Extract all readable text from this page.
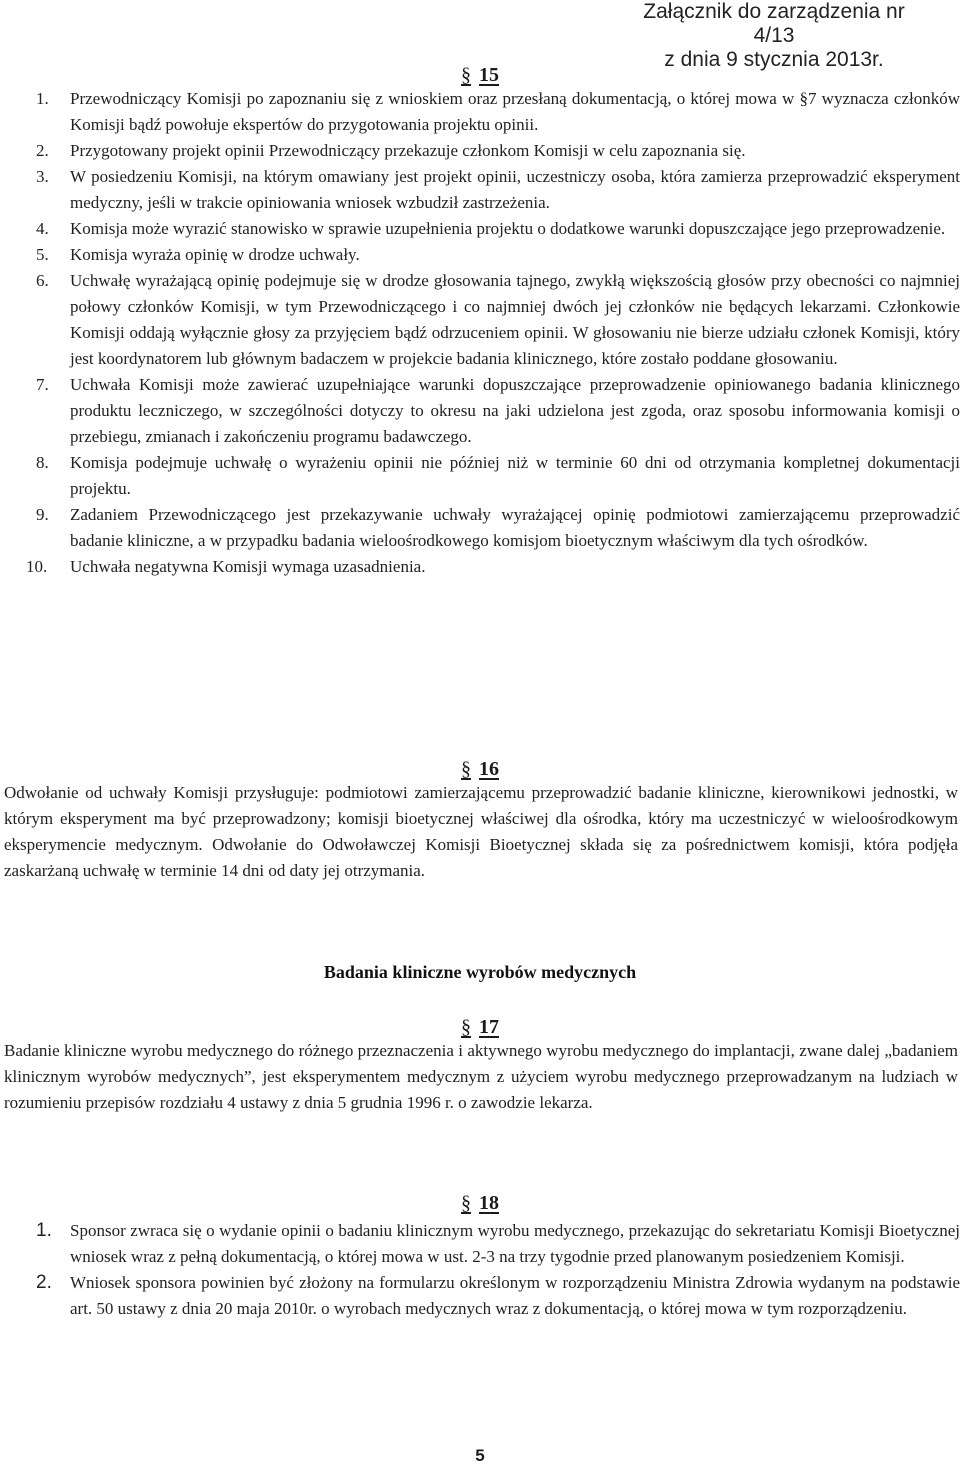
Załącznik do zarządzenia nr 4/13
z dnia 9 stycznia 2013r.
§ 15
1. Przewodniczący Komisji po zapoznaniu się z wnioskiem oraz przesłaną dokumentacją, o której mowa w §7 wyznacza członków Komisji bądź powołuje ekspertów do przygotowania projektu opinii.
2. Przygotowany projekt opinii Przewodniczący przekazuje członkom Komisji w celu zapoznania się.
3. W posiedzeniu Komisji, na którym omawiany jest projekt opinii, uczestniczy osoba, która zamierza przeprowadzić eksperyment medyczny, jeśli w trakcie opiniowania wniosek wzbudził zastrzeżenia.
4. Komisja może wyrazić stanowisko w sprawie uzupełnienia projektu o dodatkowe warunki dopuszczające jego przeprowadzenie.
5. Komisja wyraża opinię w drodze uchwały.
6. Uchwałę wyrażającą opinię podejmuje się w drodze głosowania tajnego, zwykłą większością głosów przy obecności co najmniej połowy członków Komisji, w tym Przewodniczącego i co najmniej dwóch jej członków nie będących lekarzami. Członkowie Komisji oddają wyłącznie głosy za przyjęciem bądź odrzuceniem opinii. W głosowaniu nie bierze udziału członek Komisji, który jest koordynatorem lub głównym badaczem w projekcie badania klinicznego, które zostało poddane głosowaniu.
7. Uchwała Komisji może zawierać uzupełniające warunki dopuszczające przeprowadzenie opiniowanego badania klinicznego produktu leczniczego, w szczególności dotyczy to okresu na jaki udzielona jest zgoda, oraz sposobu informowania komisji o przebiegu, zmianach i zakończeniu programu badawczego.
8. Komisja podejmuje uchwałę o wyrażeniu opinii nie później niż w terminie 60 dni od otrzymania kompletnej dokumentacji projektu.
9. Zadaniem Przewodniczącego jest przekazywanie uchwały wyrażającej opinię podmiotowi zamierzającemu przeprowadzić badanie kliniczne, a w przypadku badania wieloośrodkowego komisjom bioetycznym właściwym dla tych ośrodków.
10. Uchwała negatywna Komisji wymaga uzasadnienia.
§ 16
Odwołanie od uchwały Komisji przysługuje: podmiotowi zamierzającemu przeprowadzić badanie kliniczne, kierownikowi jednostki, w którym eksperyment ma być przeprowadzony; komisji bioetycznej właściwej dla ośrodka, który ma uczestniczyć w wieloośrodkowym eksperymencie medycznym. Odwołanie do Odwoławczej Komisji Bioetycznej składa się za pośrednictwem komisji, która podjęła zaskarżaną uchwałę w terminie 14 dni od daty jej otrzymania.
Badania kliniczne wyrobów medycznych
§ 17
Badanie kliniczne wyrobu medycznego do różnego przeznaczenia i aktywnego wyrobu medycznego do implantacji, zwane dalej „badaniem klinicznym wyrobów medycznych”, jest eksperymentem medycznym z użyciem wyrobu medycznego przeprowadzanym na ludziach w rozumieniu przepisów rozdziału 4 ustawy z dnia 5 grudnia 1996 r. o zawodzie lekarza.
§ 18
1. Sponsor zwraca się o wydanie opinii o badaniu klinicznym wyrobu medycznego, przekazując do sekretariatu Komisji Bioetycznej wniosek wraz z pełną dokumentacją, o której mowa w ust. 2-3 na trzy tygodnie przed planowanym posiedzeniem Komisji.
2. Wniosek sponsora powinien być złożony na formularzu określonym w rozporządzeniu Ministra Zdrowia wydanym na podstawie art. 50 ustawy z dnia 20 maja 2010r. o wyrobach medycznych wraz z dokumentacją, o której mowa w tym rozporządzeniu.
5
